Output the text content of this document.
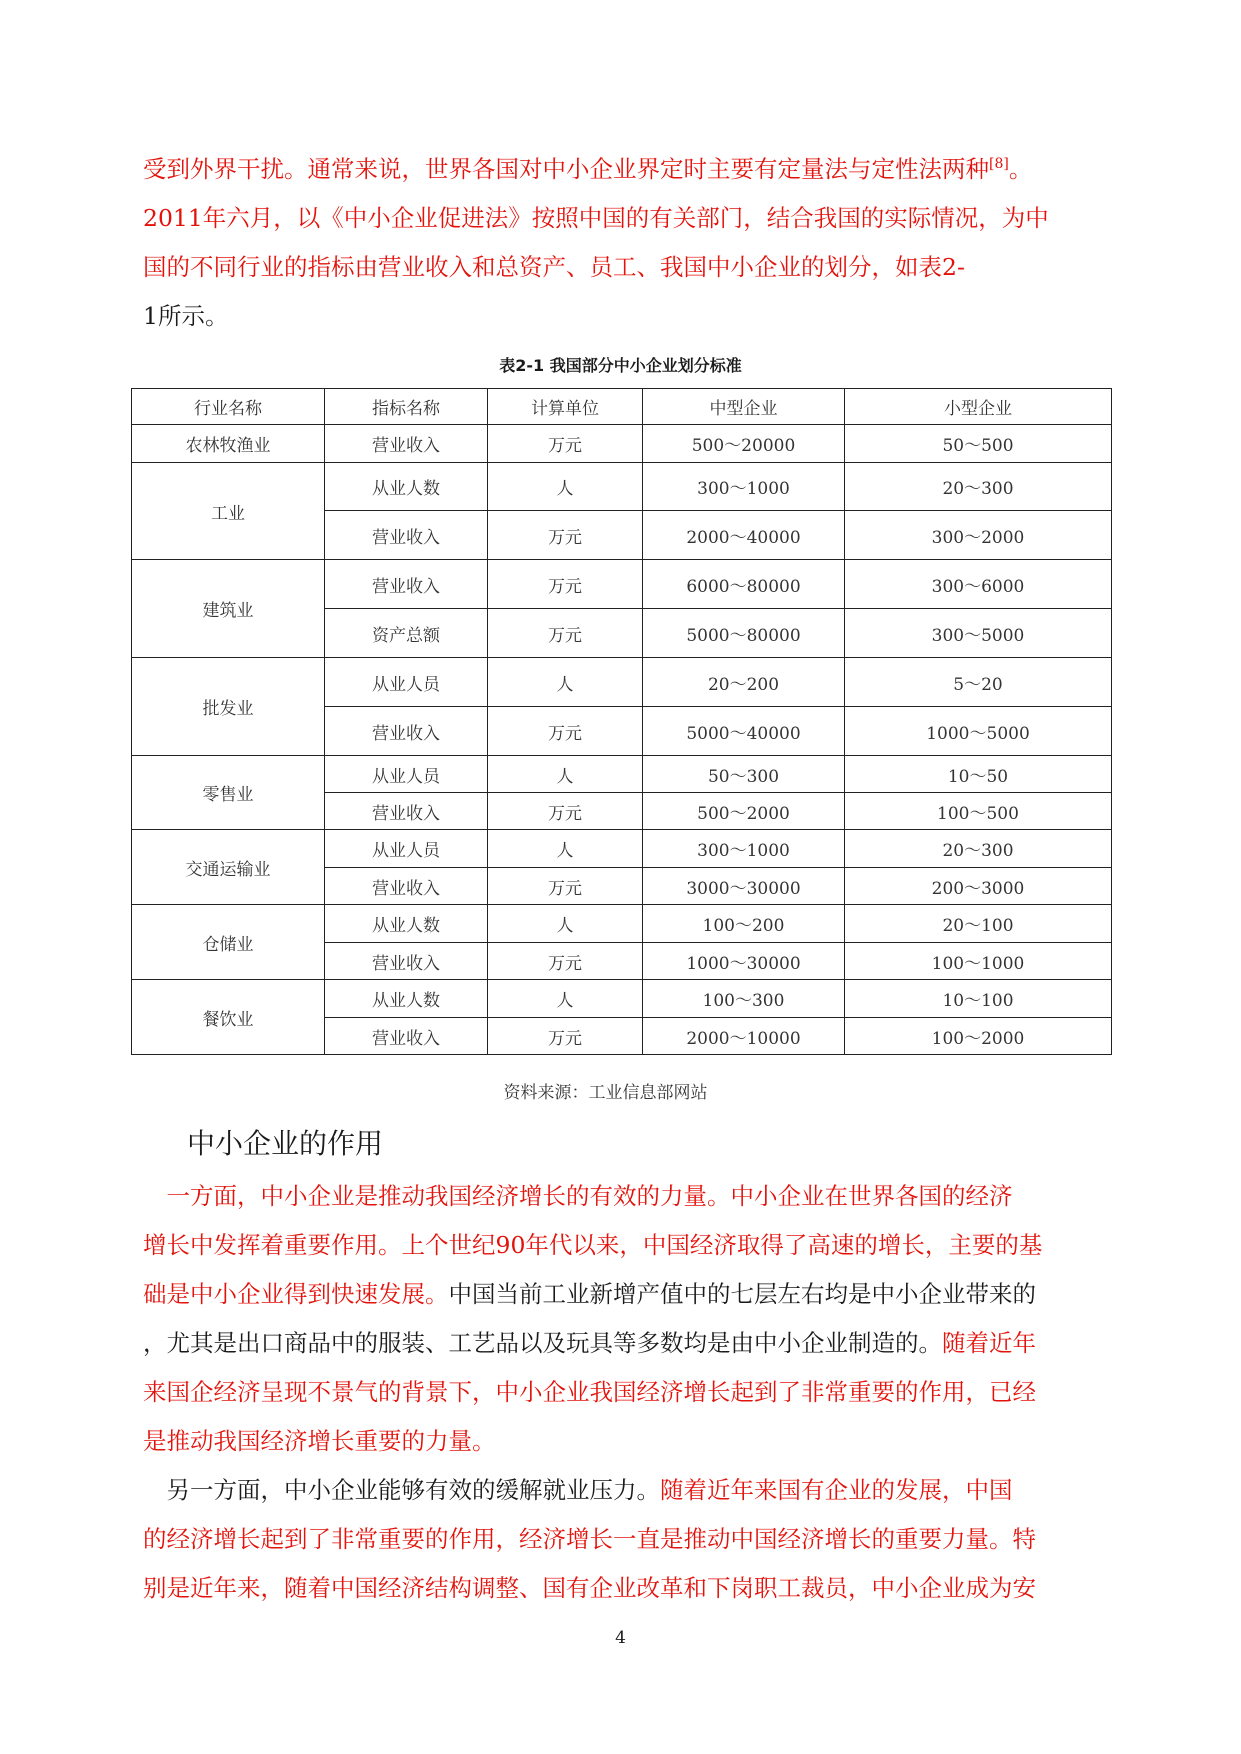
受到外界干扰。通常来说，世界各国对中小企业界定时主要有定量法与定性法两种[8]。
2011年六月，以《中小企业促进法》按照中国的有关部门，结合我国的实际情况，为中
国的不同行业的指标由营业收入和总资产、员工、我国中小企业的划分，如表2-
1所示。
表2-1 我国部分中小企业划分标准
行业名称	指标名称	计算单位	中型企业	小型企业
农林牧渔业	营业收入	万元	500～20000	50～500
工业	从业人数	人	300～1000	20～300
	营业收入	万元	2000～40000	300～2000
建筑业	营业收入	万元	6000～80000	300～6000
	资产总额	万元	5000～80000	300～5000
批发业	从业人员	人	20～200	5～20
	营业收入	万元	5000～40000	1000～5000
零售业	从业人员	人	50～300	10～50
	营业收入	万元	500～2000	100～500
交通运输业	从业人员	人	300～1000	20～300
	营业收入	万元	3000～30000	200～3000
仓储业	从业人数	人	100～200	20～100
	营业收入	万元	1000～30000	100～1000
餐饮业	从业人数	人	100～300	10～100
	营业收入	万元	2000～10000	100～2000
资料来源：工业信息部网站
中小企业的作用
　一方面，中小企业是推动我国经济增长的有效的力量。中小企业在世界各国的经济
增长中发挥着重要作用。上个世纪90年代以来，中国经济取得了高速的增长，主要的基
础是中小企业得到快速发展。中国当前工业新增产值中的七层左右均是中小企业带来的
，尤其是出口商品中的服装、工艺品以及玩具等多数均是由中小企业制造的。随着近年
来国企经济呈现不景气的背景下，中小企业我国经济增长起到了非常重要的作用，已经
是推动我国经济增长重要的力量。
　另一方面，中小企业能够有效的缓解就业压力。随着近年来国有企业的发展，中国
的经济增长起到了非常重要的作用，经济增长一直是推动中国经济增长的重要力量。特
别是近年来，随着中国经济结构调整、国有企业改革和下岗职工裁员，中小企业成为安
4
